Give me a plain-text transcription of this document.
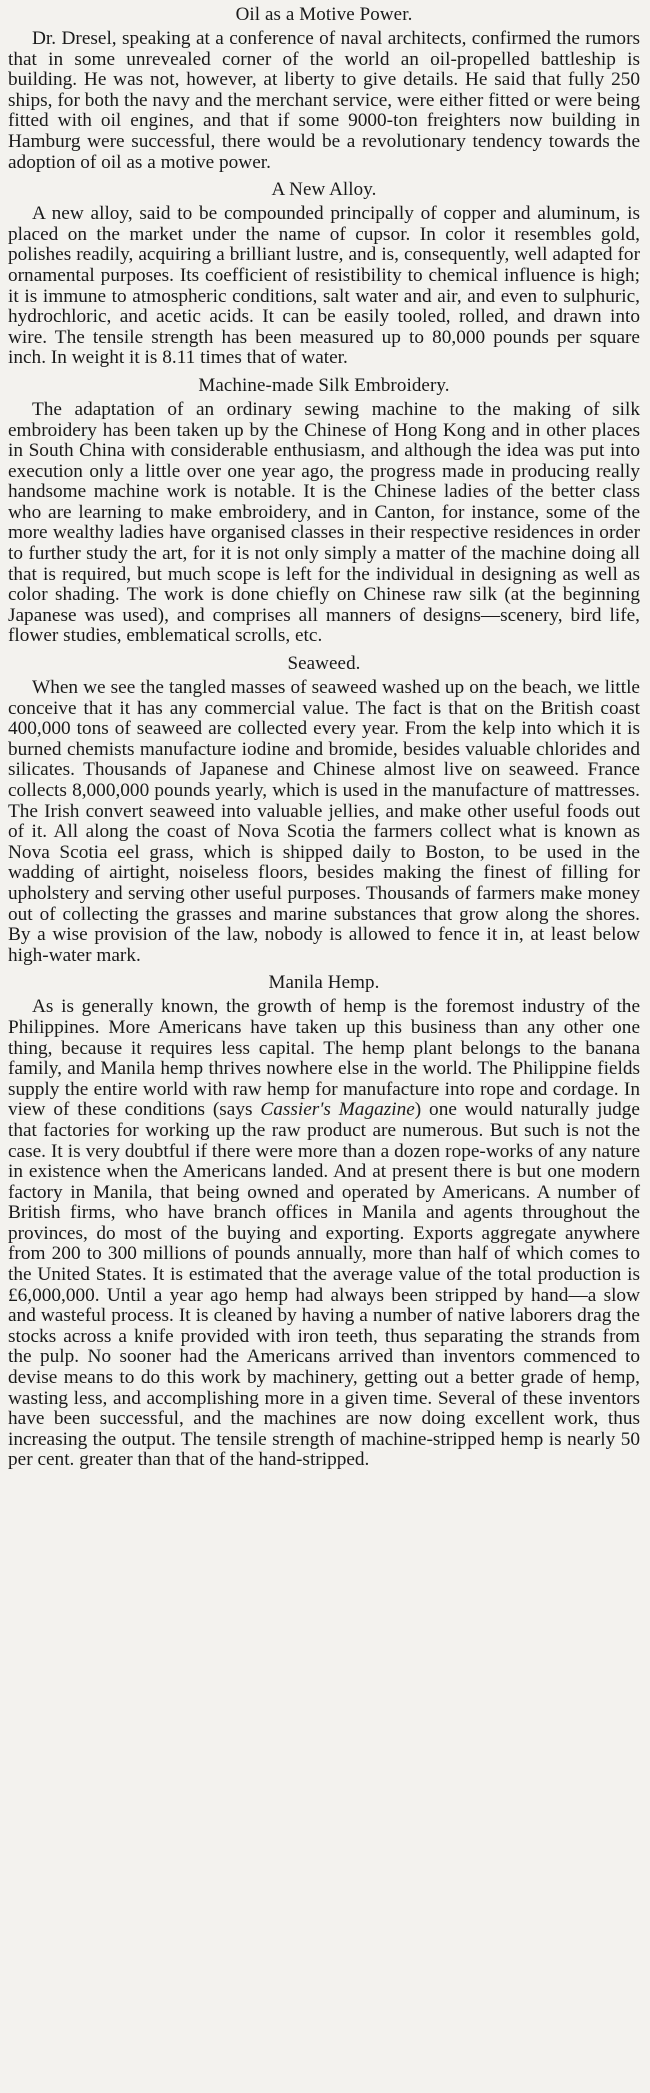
Oil as a Motive Power.

Dr. Dresel, speaking at a conference of naval architects, confirmed the rumors that in some unrevealed corner of the world an oil-propelled battleship is building. He was not, however, at liberty to give details. He said that fully 250 ships, for both the navy and the merchant service, were either fitted or were being fitted with oil engines, and that if some 9000-ton freighters now building in Hamburg were successful, there would be a revolutionary tendency towards the adoption of oil as a motive power.

A New Alloy.

A new alloy, said to be compounded principally of copper and aluminum, is placed on the market under the name of cupsor. In color it resembles gold, polishes readily, acquiring a brilliant lustre, and is, consequently, well adapted for ornamental purposes. Its coefficient of resistibility to chemical influence is high; it is immune to atmospheric conditions, salt water and air, and even to sulphuric, hydrochloric, and acetic acids. It can be easily tooled, rolled, and drawn into wire. The tensile strength has been measured up to 80,000 pounds per square inch. In weight it is 8.11 times that of water.

Machine-made Silk Embroidery.

The adaptation of an ordinary sewing machine to the making of silk embroidery has been taken up by the Chinese of Hong Kong and in other places in South China with considerable enthusiasm, and although the idea was put into execution only a little over one year ago, the progress made in producing really handsome machine work is notable. It is the Chinese ladies of the better class who are learning to make embroidery, and in Canton, for instance, some of the more wealthy ladies have organised classes in their respective residences in order to further study the art, for it is not only simply a matter of the machine doing all that is required, but much scope is left for the individual in designing as well as color shading. The work is done chiefly on Chinese raw silk (at the beginning Japanese was used), and comprises all manners of designs—scenery, bird life, flower studies, emblematical scrolls, etc.

Seaweed.

When we see the tangled masses of seaweed washed up on the beach, we little conceive that it has any commercial value. The fact is that on the British coast 400,000 tons of seaweed are collected every year. From the kelp into which it is burned chemists manufacture iodine and bromide, besides valuable chlorides and silicates. Thousands of Japanese and Chinese almost live on seaweed. France collects 8,000,000 pounds yearly, which is used in the manufacture of mattresses. The Irish convert seaweed into valuable jellies, and make other useful foods out of it. All along the coast of Nova Scotia the farmers collect what is known as Nova Scotia eel grass, which is shipped daily to Boston, to be used in the wadding of airtight, noiseless floors, besides making the finest of filling for upholstery and serving other useful purposes. Thousands of farmers make money out of collecting the grasses and marine substances that grow along the shores. By a wise provision of the law, nobody is allowed to fence it in, at least below high-water mark.

Manila Hemp.

As is generally known, the growth of hemp is the foremost industry of the Philippines. More Americans have taken up this business than any other one thing, because it requires less capital. The hemp plant belongs to the banana family, and Manila hemp thrives nowhere else in the world. The Philippine fields supply the entire world with raw hemp for manufacture into rope and cordage. In view of these conditions (says Cassier's Magazine) one would naturally judge that factories for working up the raw product are numerous. But such is not the case. It is very doubtful if there were more than a dozen rope-works of any nature in existence when the Americans landed. And at present there is but one modern factory in Manila, that being owned and operated by Americans. A number of British firms, who have branch offices in Manila and agents throughout the provinces, do most of the buying and exporting. Exports aggregate anywhere from 200 to 300 millions of pounds annually, more than half of which comes to the United States. It is estimated that the average value of the total production is £6,000,000. Until a year ago hemp had always been stripped by hand—a slow and wasteful process. It is cleaned by having a number of native laborers drag the stocks across a knife provided with iron teeth, thus separating the strands from the pulp. No sooner had the Americans arrived than inventors commenced to devise means to do this work by machinery, getting out a better grade of hemp, wasting less, and accomplishing more in a given time. Several of these inventors have been successful, and the machines are now doing excellent work, thus increasing the output. The tensile strength of machine-stripped hemp is nearly 50 per cent. greater than that of the hand-stripped.
